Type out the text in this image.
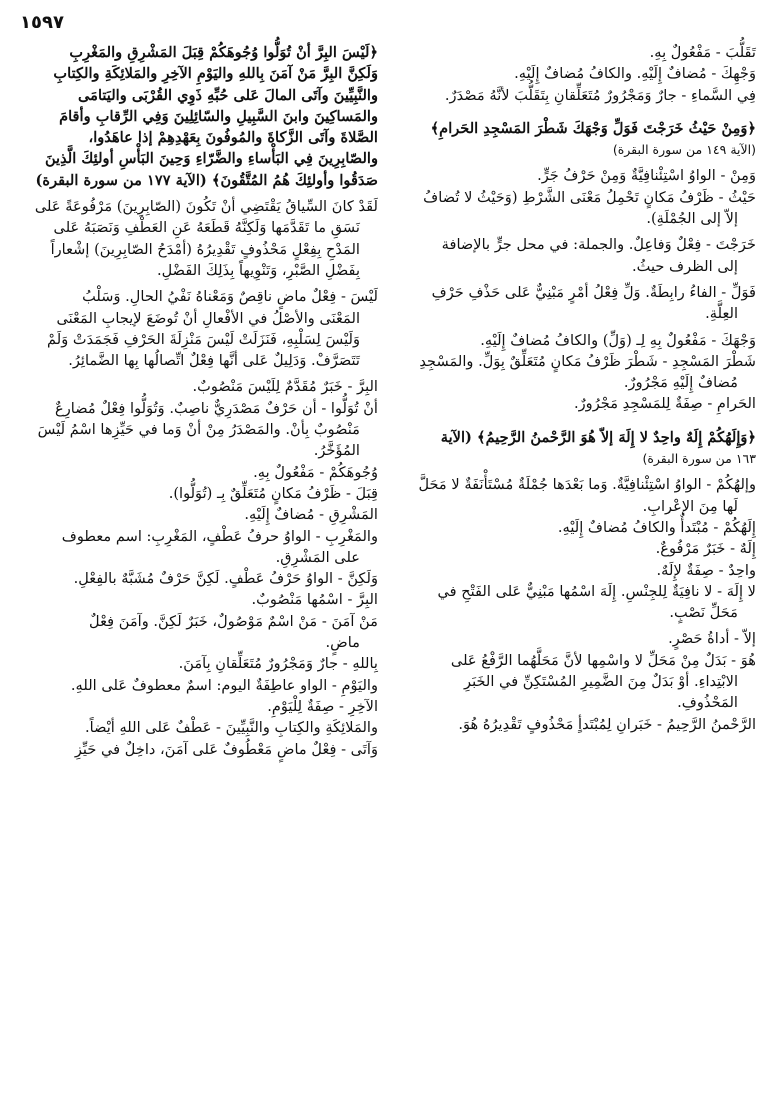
١٥٩٧

تَقَلُّبَ - مَفْعُولٌ بِهِ.

وَجْهِكَ - مُضافٌ إِلَيْهِ. والكافُ مُضافٌ إِلَيْهِ.

فِي السَّماءِ - جارٌ وَمَجْرُورٌ مُتَعَلِّقانِ بِتَقَلُّبَ لأنَّهُ مَصْدَرٌ.

﴿وَمِنْ حَيْثُ خَرَجْتَ فَوَلِّ وَجْهَكَ شَطْرَ المَسْجِدِ الحَرامِ﴾

(الآية ١٤٩ من سورة البقرة)

وَمِنْ - الواوُ اسْتِئْنافِيَّةٌ وَمِنْ حَرْفُ جَرٍّ.

حَيْثُ - ظَرْفُ مَكانٍ تَحْمِلُ مَعْنَى الشَّرْطِ (وَحَيْثُ لا تُضافُ

إلاّ إلى الجُمْلَةِ).

خَرَجْتَ - فِعْلٌ وَفاعِلٌ. والجملة: في محل جرٍّ بالإضافة

إلى الظرف حيثُ.

فَوَلِّ - الفاءُ رابِطَةٌ. وَلِّ فِعْلُ أمْرٍ مَبْنِيٌّ عَلى حَذْفِ حَرْفِ

العِلَّةِ.

وَجْهَكَ - مَفْعُولٌ بِهِ لِـ (وَلِّ) والكافُ مُضافٌ إِلَيْهِ.

شَطْرَ المَسْجِدِ - شَطْرَ ظَرْفُ مَكانٍ مُتَعَلِّقٌ بِوَلِّ. والمَسْجِدِ

مُضافٌ إِلَيْهِ مَجْرُورٌ.

الحَرامِ - صِفَةٌ لِلمَسْجِدِ مَجْرُورٌ.

﴿وَإِلَهُكُمْ إِلَهٌ واحِدٌ لا إِلَهَ إلاّ هُوَ الرَّحْمنُ الرَّحِيمُ﴾ (الآية

١٦٣ من سورة البقرة)

وإلهُكُمْ - الواوُ اسْتِئْنافِيَّةٌ. وَما بَعْدَها جُمْلَةٌ مُسْتَأْنَفَةٌ لا مَحَلَّ

لَها مِنَ الإعْرابِ.

إِلَهُكُمْ - مُبْتَدأٌ والكافُ مُضافٌ إِلَيْهِ.

إِلَهٌ - خَبَرٌ مَرْفُوعٌ.

واحِدٌ - صِفَةٌ لإِلَهٌ.

لا إِلَهَ - لا نافِيَةٌ لِلجِنْسِ. إِلَهَ اسْمُها مَبْنِيٌّ عَلى الفَتْحِ في

مَحَلِّ نَصْبٍ.

إلاّ - أداةُ حَصْرٍ.

هُوَ - بَدَلٌ مِنْ مَحَلِّ لا واسْمِها لأنَّ مَحَلَّهُما الرَّفْعُ عَلى

الابْتِداءِ. أوْ بَدَلٌ مِنَ الضَّمِيرِ المُسْتَكِنِّ في الخَبَرِ

المَحْذُوفِ.

الرَّحْمنُ الرَّحِيمُ - خَبَرانِ لِمُبْتَدأٍ مَحْذُوفٍ تَقْدِيرُهُ هُوَ.

﴿لَيْسَ البِرَّ أنْ تُوَلُّوا وُجُوهَكُمْ قِبَلَ المَشْرِقِ والمَغْرِبِ

وَلَكِنَّ البِرَّ مَنْ آمَنَ بِاللهِ واليَوْمِ الآخِرِ والمَلائِكَةِ والكِتابِ

والنَّبِيِّينَ وآتَى المالَ عَلى حُبِّهِ ذَوِي القُرْبَى واليَتامَى

والمَساكِينَ وابنَ السَّبِيلِ والسّائِلِينَ وَفِي الرِّقابِ وأقامَ

الصَّلاةَ وآتَى الزَّكاةَ والمُوفُونَ بِعَهْدِهِمْ إذا عاهَدُوا،

والصّابِرِينَ فِي البَأْساءِ والضَّرّاءِ وَحِينَ البَأْسِ أولئِكَ الَّذِينَ

صَدَقُوا وأولئِكَ هُمُ المُتَّقُونَ﴾ (الآية ١٧٧ من سورة البقرة)

لَقَدْ كانَ السِّياقُ يَقْتَضِي أنْ تَكُونَ (الصّابِرِينَ) مَرْفُوعَةً عَلى

نَسَقِ ما تَقَدَّمَها وَلَكِنَّهُ قَطَعَهُ عَنِ العَطْفِ وَنَصَبَهُ عَلى

المَدْحِ بِفِعْلٍ مَحْذُوفٍ تَقْدِيرُهُ (أمْدَحُ الصّابِرِينَ) إشْعاراً

بِفَضْلِ الصَّبْرِ، وَتَنْوِيهاً بِذَلِكَ الفَضْلِ.

لَيْسَ - فِعْلٌ ماضٍ ناقِصٌ وَمَعْناهُ نَفْيُ الحالِ. وَسَلْبُ

المَعْنَى والأصْلُ في الأفْعالِ أنْ تُوضَعَ لإيجابِ المَعْنَى

وَلَيْسَ لِسَلْبِهِ، فَنَزَلَتْ لَيْسَ مَنْزِلَةَ الحَرْفِ فَجَمَدَتْ وَلَمْ

تَتَصَرَّفْ. وَدَلِيلٌ عَلى أنَّها فِعْلٌ اتِّصالُها بِها الضَّمائِرُ.

البِرَّ - خَبَرٌ مُقَدَّمٌ لِلَيْسَ مَنْصُوبٌ.

أنْ تُوَلُّوا - أن حَرْفٌ مَصْدَرِيٌّ ناصِبٌ. وَتُوَلُّوا فِعْلٌ مُضارِعٌ

مَنْصُوبٌ بِأنْ. والمَصْدَرُ مِنْ أنْ وَما في حَيِّزِها اسْمُ لَيْسَ

المُؤَخَّرُ.

وُجُوهَكُمْ - مَفْعُولٌ بِهِ.

قِبَلَ - ظَرْفُ مَكانٍ مُتَعَلِّقٌ بِـ (تُوَلُّوا).

المَشْرِقِ - مُضافٌ إِلَيْهِ.

والمَغْرِبِ - الواوُ حرفُ عَطْفٍ، المَغْرِبِ: اسم معطوف

على المَشْرِقِ.

وَلَكِنَّ - الواوُ حَرْفُ عَطْفٍ. لَكِنَّ حَرْفٌ مُشَبَّهٌ بالفِعْلِ.

البِرَّ - اسْمُها مَنْصُوبٌ.

مَنْ آمَنَ - مَنْ اسْمٌ مَوْصُولٌ، خَبَرٌ لَكِنَّ. وآمَنَ فِعْلٌ

ماضٍ.

بِاللهِ - جارٌ وَمَجْرُورٌ مُتَعَلِّقانِ بِآمَنَ.

واليَوْمِ - الواو عاطِفَةٌ اليوم: اسمٌ معطوفٌ عَلى اللهِ.

الآخِرِ - صِفَةٌ لِلْيَوْمِ.

والمَلائِكَةِ والكِتابِ والنَّبِيِّينَ - عَطْفٌ عَلى اللهِ أيْضاً.

وَآتَى - فِعْلٌ ماضٍ مَعْطُوفٌ عَلى آمَنَ، داخِلٌ في حَيِّزِ
